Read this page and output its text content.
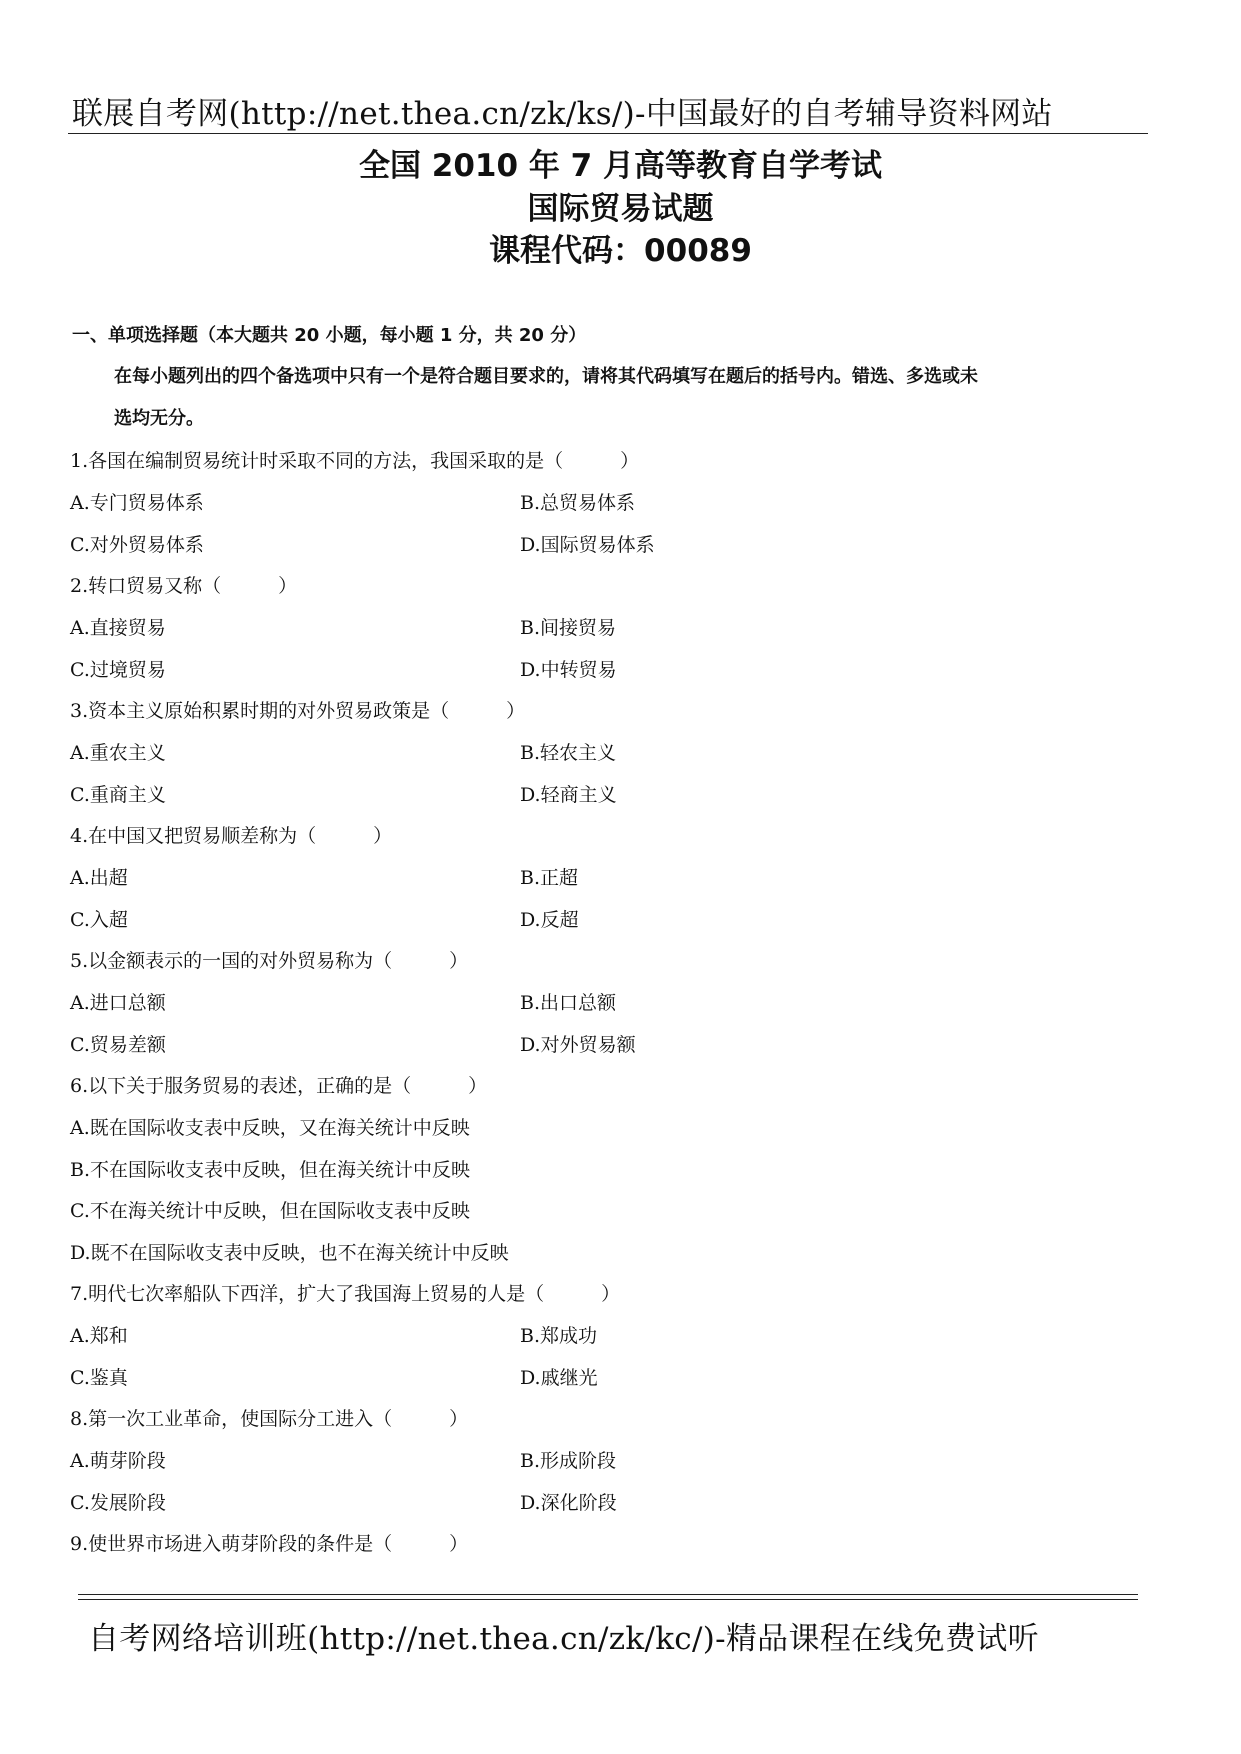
联展自考网(http://net.thea.cn/zk/ks/)-中国最好的自考辅导资料网站
全国 2010 年 7 月高等教育自学考试
国际贸易试题
课程代码：00089
一、单项选择题（本大题共 20 小题，每小题 1 分，共 20 分）
在每小题列出的四个备选项中只有一个是符合题目要求的，请将其代码填写在题后的括号内。错选、多选或未
选均无分。
1.各国在编制贸易统计时采取不同的方法，我国采取的是（　　　）
A.专门贸易体系	B.总贸易体系
C.对外贸易体系	D.国际贸易体系
2.转口贸易又称（　　　）
A.直接贸易	B.间接贸易
C.过境贸易	D.中转贸易
3.资本主义原始积累时期的对外贸易政策是（　　　）
A.重农主义	B.轻农主义
C.重商主义	D.轻商主义
4.在中国又把贸易顺差称为（　　　）
A.出超	B.正超
C.入超	D.反超
5.以金额表示的一国的对外贸易称为（　　　）
A.进口总额	B.出口总额
C.贸易差额	D.对外贸易额
6.以下关于服务贸易的表述，正确的是（　　　）
A.既在国际收支表中反映，又在海关统计中反映
B.不在国际收支表中反映，但在海关统计中反映
C.不在海关统计中反映，但在国际收支表中反映
D.既不在国际收支表中反映，也不在海关统计中反映
7.明代七次率船队下西洋，扩大了我国海上贸易的人是（　　　）
A.郑和	B.郑成功
C.鉴真	D.戚继光
8.第一次工业革命，使国际分工进入（　　　）
A.萌芽阶段	B.形成阶段
C.发展阶段	D.深化阶段
9.使世界市场进入萌芽阶段的条件是（　　　）
自考网络培训班(http://net.thea.cn/zk/kc/)-精品课程在线免费试听
